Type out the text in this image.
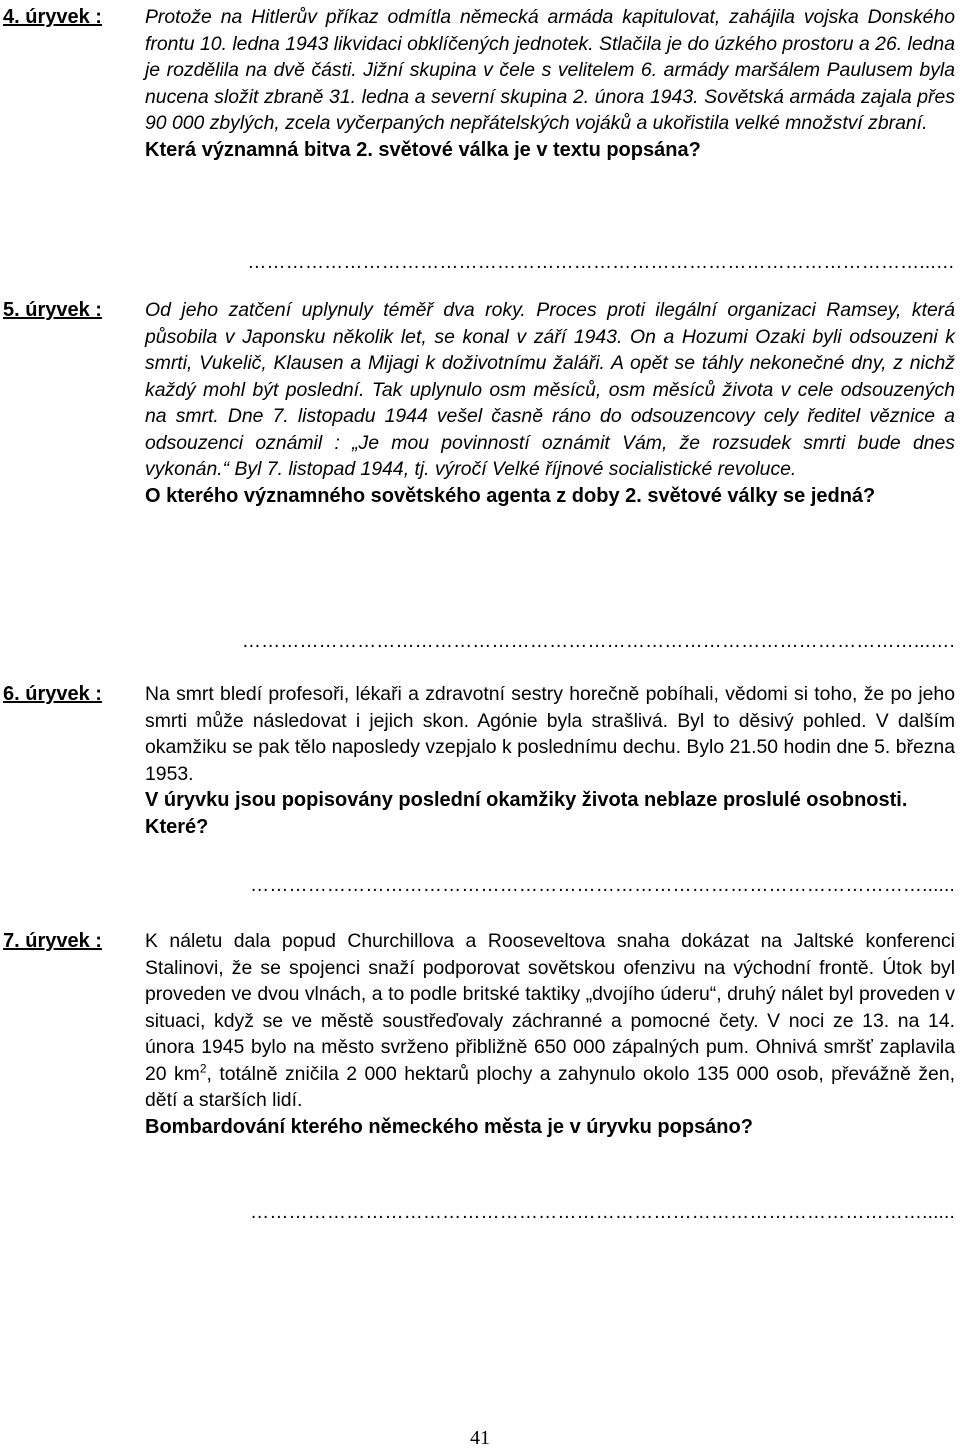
4. úryvek : Protože na Hitlerův příkaz odmítla německá armáda kapitulovat, zahájila vojska Donského frontu 10. ledna 1943 likvidaci obklíčených jednotek. Stlačila je do úzkého prostoru a 26. ledna je rozdělila na dvě části. Jižní skupina v čele s velitelem 6. armády maršálem Paulusem byla nucena složit zbraně 31. ledna a severní skupina 2. února 1943. Sovětská armáda zajala přes 90 000 zbylých, zcela vyčerpaných nepřátelských vojáků a ukořistila velké množství zbraní.
Která významná bitva 2. světové válka je v textu popsána?
……………………………………………………………………………………………...…
5. úryvek : Od jeho zatčení uplynuly téměř dva roky. Proces proti ilegální organizaci Ramsey, která působila v Japonsku několik let, se konal v září 1943. On a Hozumi Ozaki byli odsouzeni k smrti, Vukelič, Klausen a Mijagi k doživotnímu žaláři. A opět se táhly nekonečné dny, z nichž každý mohl být poslední. Tak uplynulo osm měsíců, osm měsíců života v cele odsouzených na smrt. Dne 7. listopadu 1944 vešel časně ráno do odsouzencovy cely ředitel věznice a odsouzenci oznámil : „Je mou povinností oznámit Vám, že rozsudek smrti bude dnes vykonán.“ Byl 7. listopad 1944, tj. výročí Velké říjnové socialistické revoluce.
O kterého významného sovětského agenta z doby 2. světové války se jedná?
……………………………………………………………………………………………...….
6. úryvek : Na smrt bledí profesoři, lékaři a zdravotní sestry horečně pobíhali, vědomi si toho, že po jeho smrti může následovat i jejich skon. Agónie byla strašlivá. Byl to děsivý pohled. V dalším okamžiku se pak tělo naposledy vzepjalo k poslednímu dechu. Bylo 21.50 hodin dne 5. března 1953.
V úryvku jsou popisovány poslední okamžiky života neblaze proslulé osobnosti. Které?
……………………………………………………………………………………………......
7. úryvek : K náletu dala popud Churchillova a Rooseveltova snaha dokázat na Jaltské konferenci Stalinovi, že se spojenci snaží podporovat sovětskou ofenzivu na východní frontě. Útok byl proveden ve dvou vlnách, a to podle britské taktiky „dvojího úderu“, druhý nálet byl proveden v situaci, když se ve městě soustřeďovaly záchranné a pomocné čety. V noci ze 13. na 14. února 1945 bylo na město svrženo přibližně 650 000 zápalných pum. Ohnivá smršť zaplavila 20 $km^2$, totálně zničila 2 000 hektarů plochy a zahynulo okolo 135 000 osob, převážně žen, dětí a starších lidí.
Bombardování kterého německého města je v úryvku popsáno?
……………………………………………………………………………………………......
41
